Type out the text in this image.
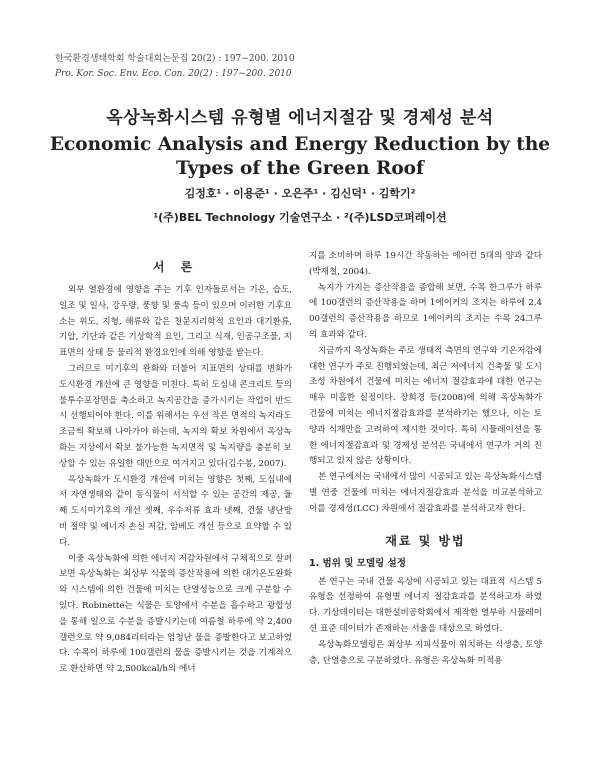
한국환경생태학회 학술대회논문집 20(2) : 197~200. 2010
Pro. Kor. Soc. Env. Eco. Con. 20(2) : 197~200. 2010
옥상녹화시스템 유형별 에너지절감 및 경제성 분석
Economic Analysis and Energy Reduction by the
Types of the Green Roof
김정호¹ · 이용준¹ · 오은주¹ · 김신덕¹ · 김학기²
¹(주)BEL Technology 기술연구소 · ²(주)LSD코퍼레이션
서 론

외부 열환경에 영향을 주는 기후 인자들로서는 기온, 습도, 일조 및 일사, 강우량, 풍향 및 풍속 등이 있으며 이러한 기후요소는 위도, 지형, 해류와 같은 천문지리학적 요인과 대기환류, 기압, 기단과 같은 기상학적 요인, 그리고 식재, 인공구조물, 지표면의 상태 등 물리적 환경요인에 의해 영향을 받는다.

그러므로 미기후의 완화와 더불어 지표면의 상태를 변화가 도시환경 개선에 큰 영향을 미친다. 특히 도심내 콘크리트 등의 불투수포장면을 축소하고 녹지공간을 증가시키는 작업이 반드시 선행되어야 한다. 이를 위해서는 우선 작은 면적의 녹지라도 조금씩 확보해 나아가야 하는데, 녹지의 확보 차원에서 옥상녹화는 지상에서 확보 불가능한 녹지면적 및 녹지량을 충분히 보상할 수 있는 유일한 대안으로 여겨지고 있다(김수봉, 2007).

옥상녹화가 도시환경 개선에 미치는 영향은 첫째, 도심내에서 자연생태와 같이 동식물이 서식할 수 있는 공간의 제공, 둘째 도시미기후의 개선 셋째, 우수저류 효과 넷째, 건물 냉난방비 절약 및 에너지 손실 저감, 암베도 개선 등으로 요약할 수 있다.

이중 옥상녹화에 의한 에너지 저감차원에서 구체적으로 살펴보면 옥상녹화는 최상부 식물의 증산작용에 의한 대기온도완화와 시스템에 의한 건물에 미치는 단열성능으로 크게 구분할 수 있다. Robinette는 식물은 토양에서 수분을 흡수하고 광합성을 통해 일으로 수분을 증발시키는데 여름철 하루에 약 2,400갤런으로 약 9,084리터라는 엄청난 물을 증발한다고 보고하였다. 수목이 하루에 100갤런의 물을 증발시키는 것을 기계적으로 환산하면 약 2,500kcal/h의 에너

지를 소비하며 하루 19시간 작동하는 에어컨 5대의 양과 같다(박재철, 2004).

녹지가 가지는 증산작용을 종합해 보면, 수목 한그루가 하루에 100갤런의 증산작용을 하며 1에이커의 조지는 하루에 2,400갤런의 증산작용을 하므로 1에이커의 조지는 수목 24그루의 효과와 같다.

지금까지 옥상녹화는 주로 생태적 측면의 연구와 기온저감에 대한 연구가 주로 진행되었는데, 최근 저에너지 건축물 및 도시조성 차원에서 건물에 미치는 에너지 절감효과에 대한 연구는 매우 미흡한 실정이다. 장희경 등(2008)에 의해 옥상녹화가 건물에 미치는 에너지절감효과를 분석하기는 했으나, 이는 토양과 식재만을 고려하여 제시한 것이다. 특히 시뮬레이션을 통한 에너지절감효과 및 경제성 분석은 국내에서 연구가 거의 진행되고 있지 않은 상황이다.

본 연구에서는 국내에서 많이 시공되고 있는 옥상녹화시스템별 연중 건물에 미치는 에너지절감효과 분석을 비교분석하고 이를 경제성(LCC) 차원에서 절감효과를 분석하고자 한다.

재료 및 방법
1. 범위 및 모델링 설정

본 연구는 국내 건물 옥상에 시공되고 있는 대표적 시스템 5유형을 선정하여 유형별 에너지 절감효과를 분석하고자 하였다. 기상데이터는 대한설비공학회에서 제작한 열부하 시뮬레이션 표준 데이터가 존재하는 서울을 대상으로 하였다.

옥상녹화모델링은 최상부 지피식물이 위치하는 식생층, 토양층, 단열층으로 구분하였다. 유형은 옥상녹화 미적용
